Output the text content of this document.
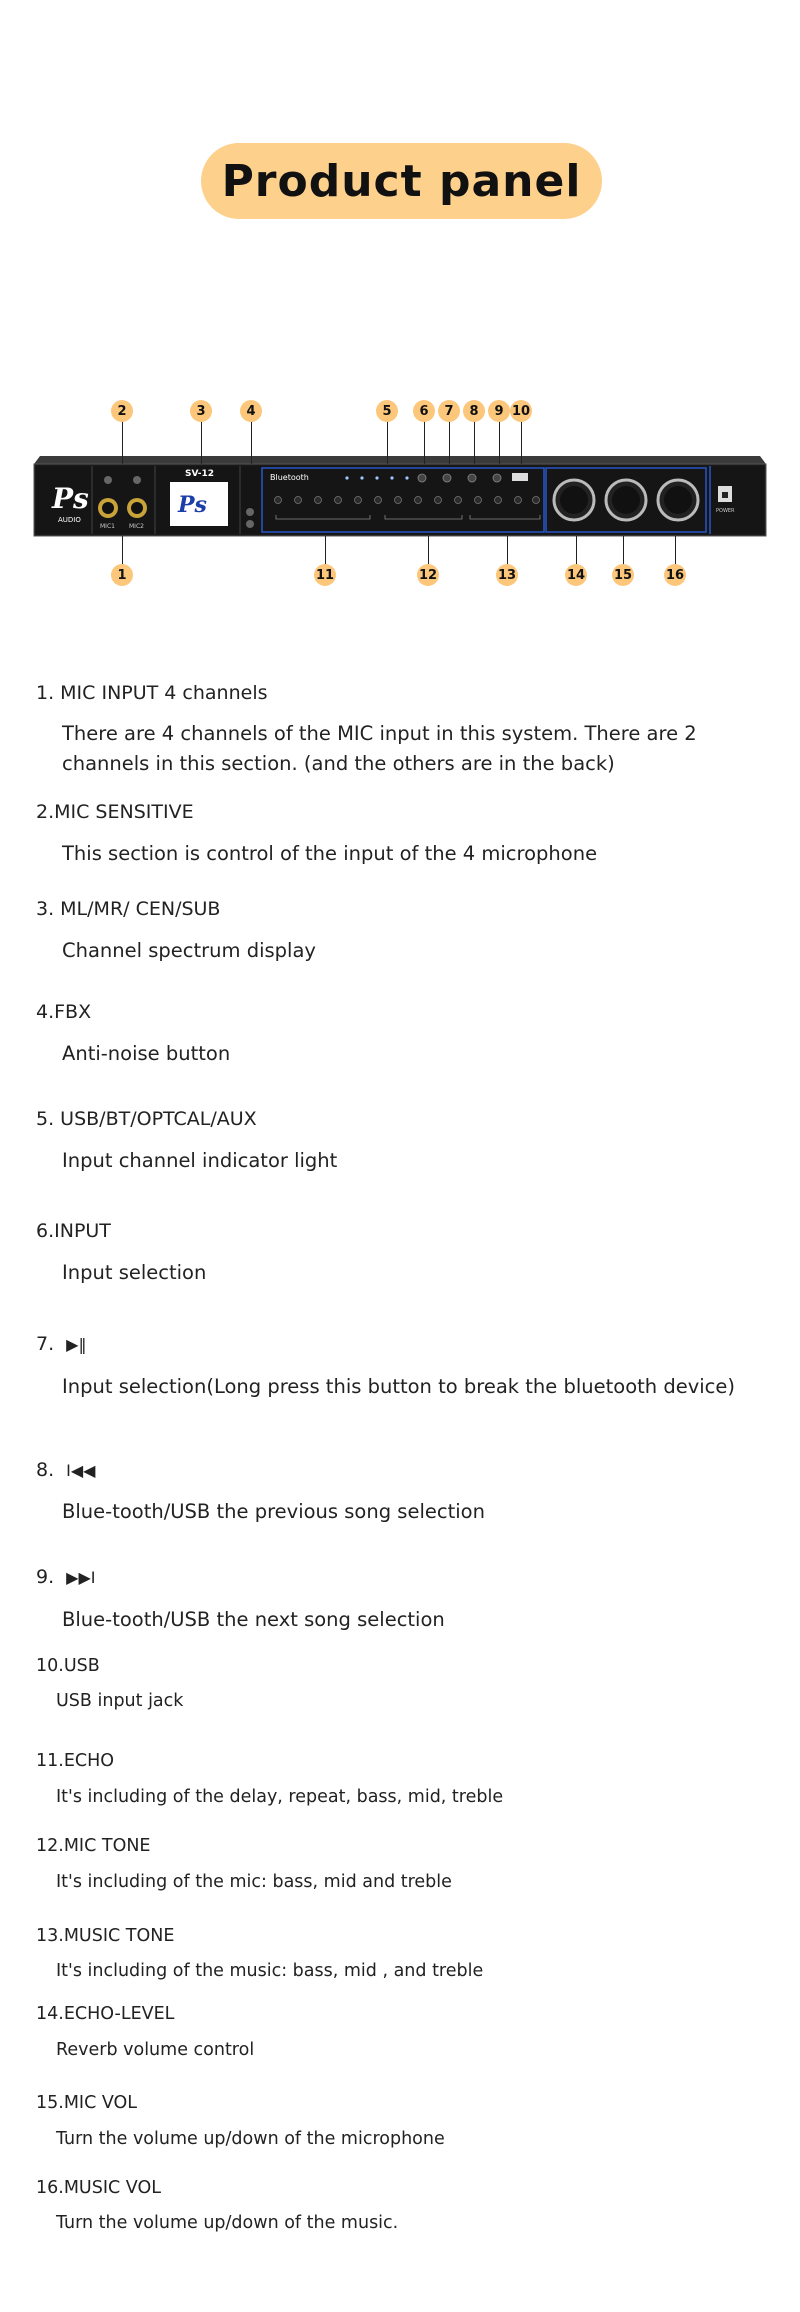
Product panel
Ps
AUDIO
MIC1 MIC2
SV-12
Ps
Bluetooth
POWER
2	3	4	5	6	7	8	9 10
1	11	12	13	14 15	16
1. MIC INPUT 4 channels
There are 4 channels of the MIC input in this system. There are 2
channels in this section. (and the others are in the back)
2.MIC SENSITIVE
This section is control of the input of the 4 microphone
3. ML/MR/ CEN/SUB
Channel spectrum display
4.FBX
Anti-noise button
5. USB/BT/OPTCAL/AUX
Input channel indicator light
6.INPUT
Input selection
7. ▶‖
Input selection(Long press this button to break the bluetooth device)
8. I◀◀
Blue-tooth/USB the previous song selection
9. ▶▶I
Blue-tooth/USB the next song selection
10.USB
USB input jack
11.ECHO
It's including of the delay, repeat, bass, mid, treble
12.MIC TONE
It's including of the mic: bass, mid and treble
13.MUSIC TONE
It's including of the music: bass, mid , and treble
14.ECHO-LEVEL
Reverb volume control
15.MIC VOL
Turn the volume up/down of the microphone
16.MUSIC VOL
Turn the volume up/down of the music.
